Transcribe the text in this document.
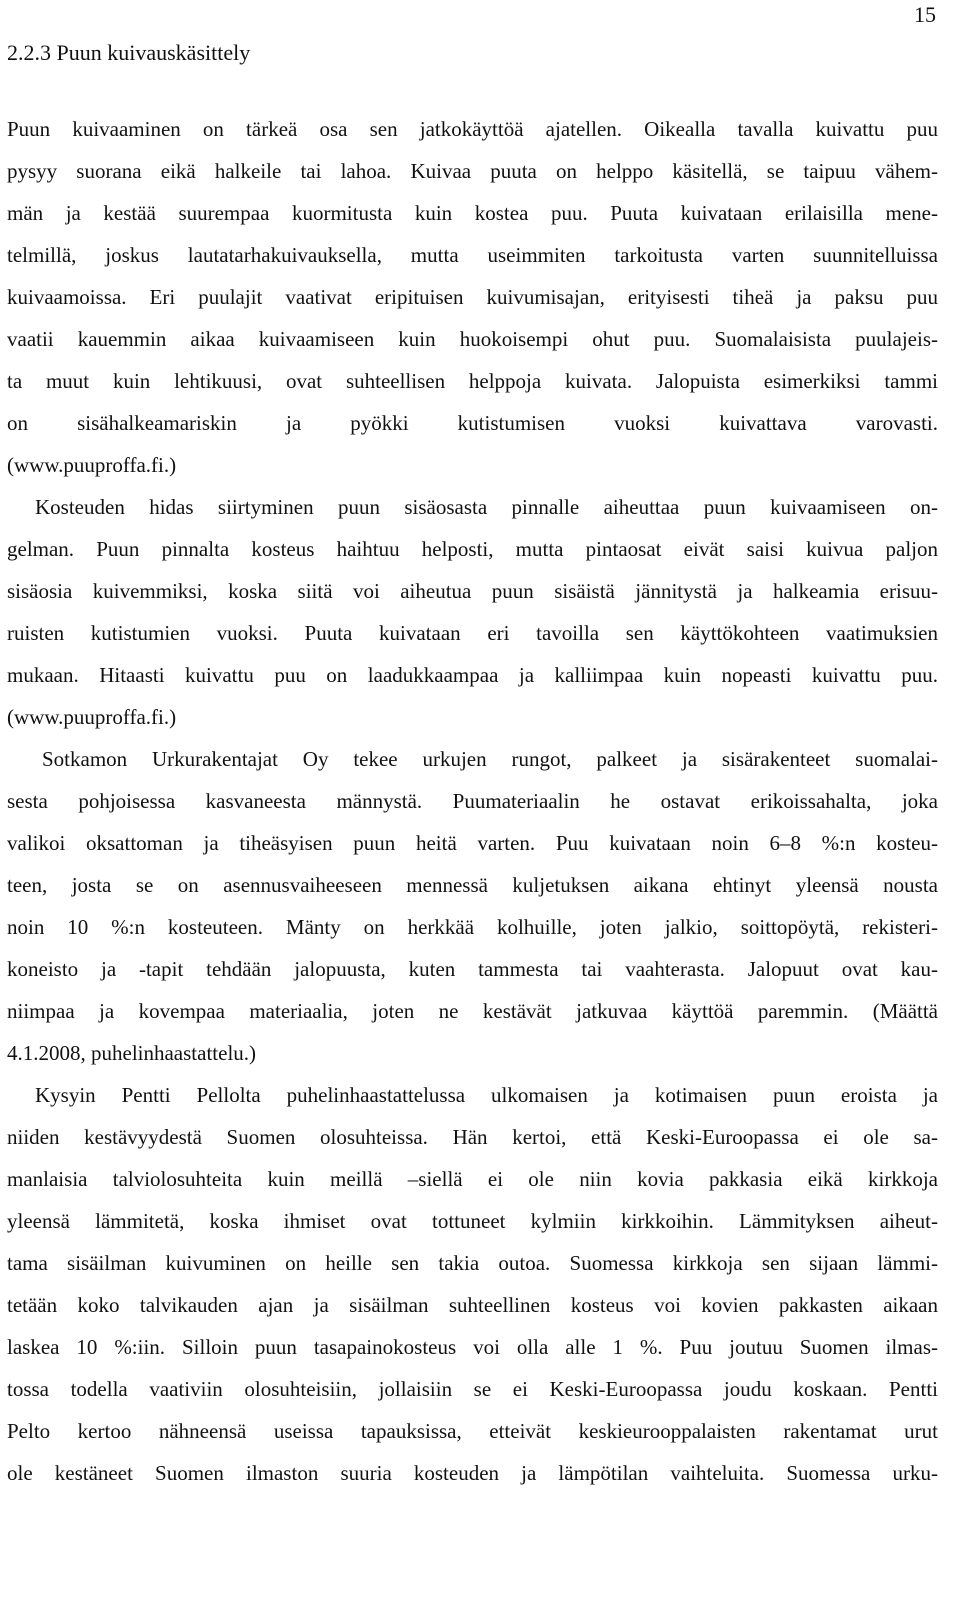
15
2.2.3 Puun kuivauskäsittely
Puun kuivaaminen on tärkeä osa sen jatkokäyttöä ajatellen. Oikealla tavalla kuivattu puu
pysyy suorana eikä halkeile tai lahoa. Kuivaa puuta on helppo käsitellä, se taipuu vähem-
män ja kestää suurempaa kuormitusta kuin kostea puu. Puuta kuivataan erilaisilla mene-
telmillä, joskus lautatarhakuivauksella, mutta useimmiten tarkoitusta varten suunnitelluissa
kuivaamoissa. Eri puulajit vaativat eripituisen kuivumisajan, erityisesti tiheä ja paksu puu
vaatii kauemmin aikaa kuivaamiseen kuin huokoisempi ohut puu. Suomalaisista puulajeis-
ta muut kuin lehtikuusi, ovat suhteellisen helppoja kuivata. Jalopuista esimerkiksi tammi
on sisähalkeamariskin ja pyökki kutistumisen vuoksi kuivattava varovasti.
(www.puuproffa.fi.)
Kosteuden hidas siirtyminen puun sisäosasta pinnalle aiheuttaa puun kuivaamiseen on-
gelman. Puun pinnalta kosteus haihtuu helposti, mutta pintaosat eivät saisi kuivua paljon
sisäosia kuivemmiksi, koska siitä voi aiheutua puun sisäistä jännitystä ja halkeamia erisuu-
ruisten kutistumien vuoksi. Puuta kuivataan eri tavoilla sen käyttökohteen vaatimuksien
mukaan. Hitaasti kuivattu puu on laadukkaampaa ja kalliimpaa kuin nopeasti kuivattu puu.
(www.puuproffa.fi.)
Sotkamon Urkurakentajat Oy tekee urkujen rungot, palkeet ja sisärakenteet suomalai-
sesta pohjoisessa kasvaneesta männystä. Puumateriaalin he ostavat erikoissahalta, joka
valikoi oksattoman ja tiheäsyisen puun heitä varten. Puu kuivataan noin 6–8 %:n kosteu-
teen, josta se on asennusvaiheeseen mennessä kuljetuksen aikana ehtinyt yleensä nousta
noin 10 %:n kosteuteen. Mänty on herkkää kolhuille, joten jalkio, soittopöytä, rekisteri-
koneisto ja -tapit tehdään jalopuusta, kuten tammesta tai vaahterasta. Jalopuut ovat kau-
niimpaa ja kovempaa materiaalia, joten ne kestävät jatkuvaa käyttöä paremmin. (Määttä
4.1.2008, puhelinhaastattelu.)
Kysyin Pentti Pellolta puhelinhaastattelussa ulkomaisen ja kotimaisen puun eroista ja
niiden kestävyydestä Suomen olosuhteissa. Hän kertoi, että Keski-Euroopassa ei ole sa-
manlaisia talviolosuhteita kuin meillä –siellä ei ole niin kovia pakkasia eikä kirkkoja
yleensä lämmitetä, koska ihmiset ovat tottuneet kylmiin kirkkoihin. Lämmityksen aiheut-
tama sisäilman kuivuminen on heille sen takia outoa. Suomessa kirkkoja sen sijaan lämmi-
tetään koko talvikauden ajan ja sisäilman suhteellinen kosteus voi kovien pakkasten aikaan
laskea 10 %:iin. Silloin puun tasapainokosteus voi olla alle 1 %. Puu joutuu Suomen ilmas-
tossa todella vaativiin olosuhteisiin, jollaisiin se ei Keski-Euroopassa joudu koskaan. Pentti
Pelto kertoo nähneensä useissa tapauksissa, etteivät keskieurooppalaisten rakentamat urut
ole kestäneet Suomen ilmaston suuria kosteuden ja lämpötilan vaihteluita. Suomessa urku-
